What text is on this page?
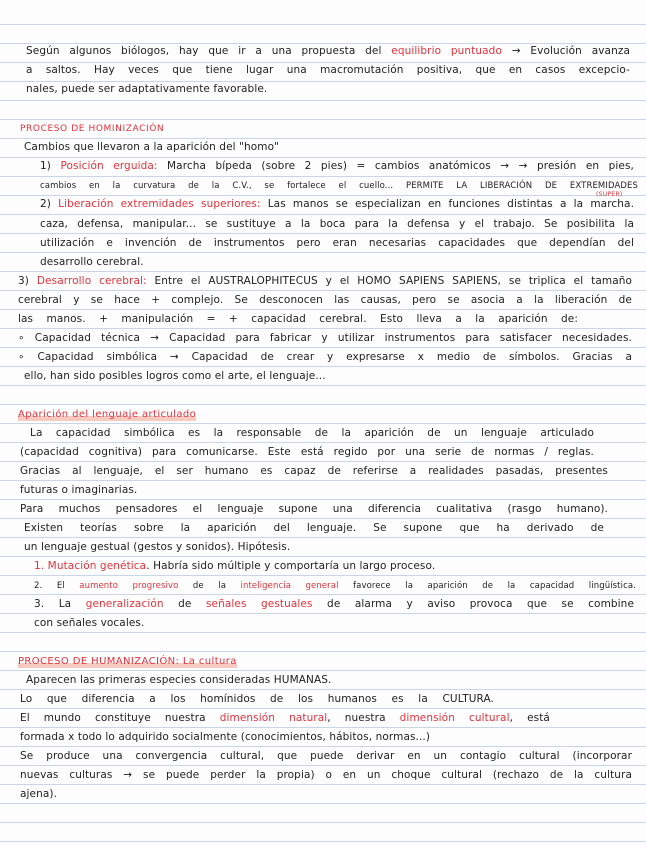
Según algunos biólogos, hay que ir a una propuesta del equilibrio puntuado → Evolución avanza
a saltos. Hay veces que tiene lugar una macromutación positiva, que en casos excepcio-
nales, puede ser adaptativamente favorable.
PROCESO DE HOMINIZACIÓN
Cambios que llevaron a la aparición del "homo"
1) Posición erguida: Marcha bípeda (sobre 2 pies) = cambios anatómicos → → presión en pies,
cambios en la curvatura de la C.V., se fortalece el cuello... PERMITE LA LIBERACIÓN DE EXTREMIDADES
(SUPER)
2) Liberación extremidades superiores: Las manos se especializan en funciones distintas a la marcha.
caza, defensa, manipular... se sustituye a la boca para la defensa y el trabajo. Se posibilita la
utilización e invención de instrumentos pero eran necesarias capacidades que dependían del
desarrollo cerebral.
3) Desarrollo cerebral: Entre el AUSTRALOPHITECUS y el HOMO SAPIENS SAPIENS, se triplica el tamaño
cerebral y se hace + complejo. Se desconocen las causas, pero se asocia a la liberación de
las manos. + manipulación = + capacidad cerebral. Esto lleva a la aparición de:
∘ Capacidad técnica → Capacidad para fabricar y utilizar instrumentos para satisfacer necesidades.
∘ Capacidad simbólica → Capacidad de crear y expresarse x medio de símbolos. Gracias a
ello, han sido posibles logros como el arte, el lenguaje...
Aparición del lenguaje articulado
La capacidad simbólica es la responsable de la aparición de un lenguaje articulado
(capacidad cognitiva) para comunicarse. Este está regido por una serie de normas / reglas.
Gracias al lenguaje, el ser humano es capaz de referirse a realidades pasadas, presentes
futuras o imaginarias.
Para muchos pensadores el lenguaje supone una diferencia cualitativa (rasgo humano).
Existen teorías sobre la aparición del lenguaje. Se supone que ha derivado de
un lenguaje gestual (gestos y sonidos). Hipótesis.
1. Mutación genética. Habría sido múltiple y comportaría un largo proceso.
2. El aumento progresivo de la inteligencia general favorece la aparición de la capacidad lingüística.
3. La generalización de señales gestuales de alarma y aviso provoca que se combine
con señales vocales.
PROCESO DE HUMANIZACIÓN: La cultura
Aparecen las primeras especies consideradas HUMANAS.
Lo que diferencia a los homínidos de los humanos es la CULTURA.
El mundo constituye nuestra dimensión natural, nuestra dimensión cultural, está
formada x todo lo adquirido socialmente (conocimientos, hábitos, normas...)
Se produce una convergencia cultural, que puede derivar en un contagio cultural (incorporar
nuevas culturas → se puede perder la propia) o en un choque cultural (rechazo de la cultura
ajena).
